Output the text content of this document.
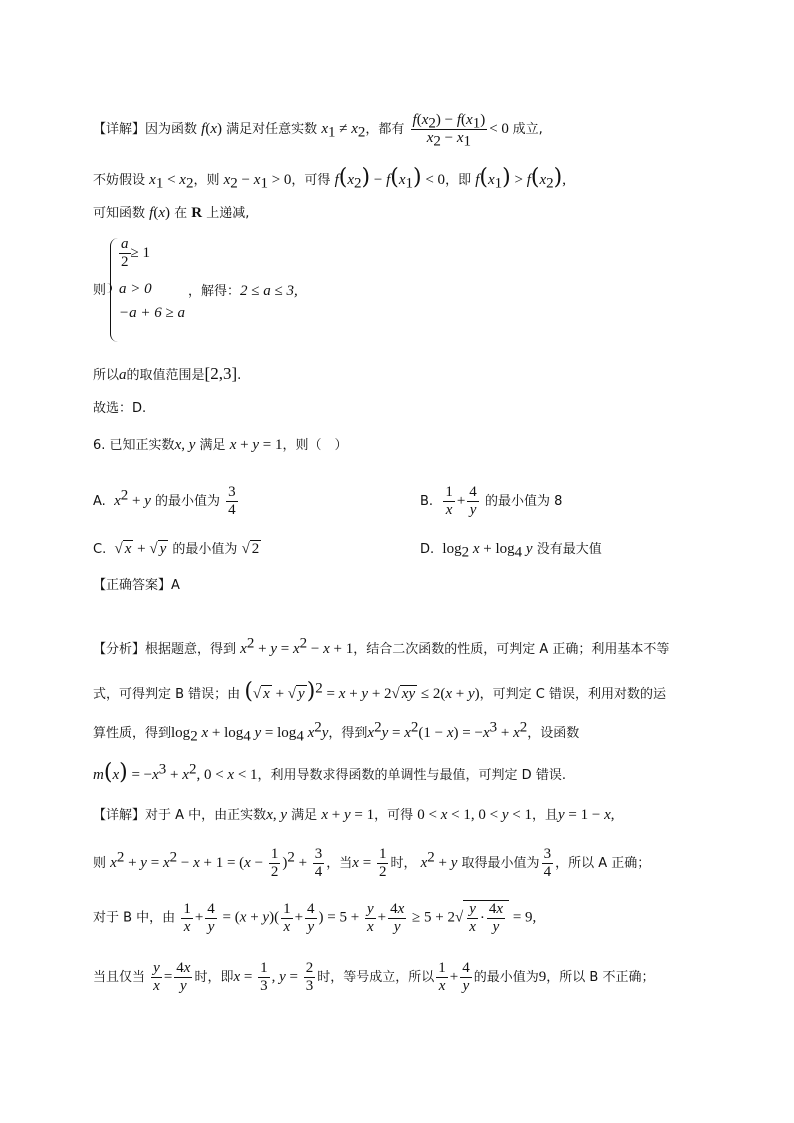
【详解】因为函数 f(x) 满足对任意实数 $x_1 \ne x_2$，都有 $\frac{f(x_2) - f(x_1)}{x_2 - x_1} < 0$ 成立,
不妨假设 $x_1 < x_2$，则 $x_2 - x_1 > 0$，可得 $f(x_2) - f(x_1) < 0$，即 $f(x_1) > f(x_2)$,
可知函数 f(x) 在 R 上递减,
则
$\frac{a}{2} \ge 1$
a > 0
−a + 6 ≥ a
，解得：2 ≤ a ≤ 3,
所以a的取值范围是[2,3].
故选：D.
6. 已知正实数x, y 满足 x + y = 1，则（　）
A. $x^2 + y$ 的最小值为 $\frac{3}{4}$	B. $\frac{1}{x} + \frac{4}{y}$ 的最小值为 8
C. √ x + √ y 的最小值为 √ 2	D. $\log_2 x + \log_4 y$ 没有最大值
【正确答案】A
【分析】根据题意，得到 $x^2 + y = x^2 - x + 1$，结合二次函数的性质，可判定 A 正确；利用基本不等
式，可得判定 B 错误；由 (√ x + √ y)$^2$ = x + y + 2√ xy ≤ 2(x + y)，可判定 C 错误，利用对数的运
算性质，得到$\log_2 x + \log_4 y = \log_4 x^2y$，得到$x^2y = x^2(1 - x) = -x^3 + x^2$，设函数
$m(x) = -x^3 + x^2$, 0 < x < 1，利用导数求得函数的单调性与最值，可判定 D 错误.
【详解】对于 A 中，由正实数x, y 满足 x + y = 1，可得 0 < x < 1, 0 < y < 1，且y = 1 − x,
则 $x^2 + y = x^2 - x + 1 = (x - \frac{1}{2} )^2 + \frac{3}{4}$ ，当$x = \frac{1}{2}$ 时， $x^2 + y$ 取得最小值为 $\frac{3}{4}$ ，所以 A 正确；
对于 B 中，由 $\frac{1}{x} + \frac{4}{y} = (x + y)( \frac{1}{x} + \frac{4}{y}$ ) = $5 + \frac{y}{x} + \frac{4x}{y} \ge 5 + 2√ \frac{y}{x} \cdot \frac{4x}{y} = 9$,
当且仅当 $\frac{y}{x} = \frac{4x}{y}$ 时，即$x = \frac{1}{3}$ , $y = \frac{2}{3}$ 时，等号成立，所以 $\frac{1}{x} + \frac{4}{y}$ 的最小值为9，所以 B 不正确；
